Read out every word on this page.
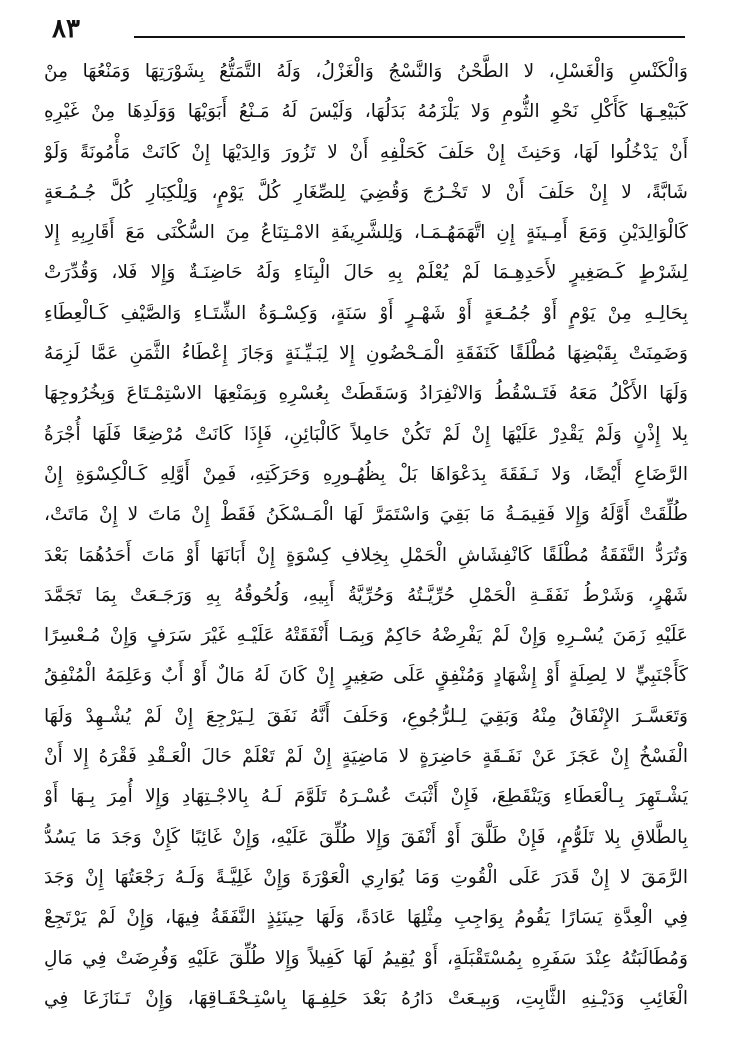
٨٣
وَالْكَنْسِ وَالْغَسْلِ، لا الطَّحْنُ وَالنَّسْجُ وَالْغَزْلُ، وَلَهُ التَّمَتُّعُ بِشَوْرَتِهَا وَمَنْعُهَا مِنْ
كَبَيْعِـهَا كَأَكْلِ نَحْوِ الثُّومِ وَلا يَلْزَمُهُ بَدَلُهَا، وَلَيْسَ لَهُ مَـنْعُ أَبَوَيْهَا وَوَلَدِهَا مِنْ غَيْرِهِ
أَنْ يَدْخُلُوا لَهَا، وَحَنِثَ إِنْ حَلَفَ كَحَلْفِهِ أَنْ لا تَزُورَ وَالِدَيْهَا إِنْ كَانَتْ مَأْمُونَةً وَلَوْ
شَابَّةً، لا إِنْ حَلَفَ أَنْ لا تَخْـرُجَ وَقُضِيَ لِلصِّغَارِ كُلَّ يَوْمٍ، وَلِلْكِبَارِ كُلَّ جُـمُـعَةٍ
كَالْوَالِدَيْنِ وَمَعَ أَمِـينَةٍ إِنِ اتَّهَمَهُـمَـا، وَلِلشَّرِيفَةِ الامْـتِنَاعُ مِنَ السُّكْنَى مَعَ أَقَارِبِهِ إِلا
لِشَرْطٍ كَـصَغِيرٍ لأَحَدِهِـمَا لَمْ يُعْلَمْ بِهِ حَالَ الْبِنَاءِ وَلَهُ حَاضِنَـةٌ وَإِلا فَلا، وَقُدِّرَتْ
بِحَالِـهِ مِنْ يَوْمٍ أَوْ جُمُـعَةٍ أَوْ شَهْـرٍ أَوْ سَنَةٍ، وَكِسْـوَةُ الشِّتَـاءِ وَالصَّيْفِ كَـالْعِطَاءِ
وَضَمِنَتْ بِقَبْضِهَا مُطْلَقًا كَنَفَقَةِ الْمَـحْضُونِ إِلا لِبَـيِّـنَةٍ وَجَازَ إِعْطَاءُ الثَّمَنِ عَمَّا لَزِمَهُ
وَلَهَا الأَكْلُ مَعَهُ فَتَـسْقُطُ وَالانْفِرَادُ وَسَقَطَتْ بِعُسْرِهِ وَبِمَنْعِهَا الاسْتِمْـتَاعَ وَبِخُرُوجِهَا
بِلا إِذْنٍ وَلَمْ يَقْدِرْ عَلَيْهَا إِنْ لَمْ تَكُنْ حَامِلاً كَالْبَائِنِ، فَإِذَا كَانَتْ مُرْضِعًا فَلَهَا أُجْرَةُ
الرَّضَاعِ أَيْضًا، وَلا نَـفَقَةَ بِدَعْوَاهَا بَلْ بِظُهُـورِهِ وَحَرَكَتِهِ، فَمِنْ أَوَّلِهِ كَـالْكِسْوَةِ إِنْ
طُلِّقَتْ أَوَّلَهُ وَإِلا فَقِيمَـةُ مَا بَقِيَ وَاسْتَمَرَّ لَهَا الْمَـسْكَنُ فَقَطْ إِنْ مَاتَ لا إِنْ مَاتَتْ،
وَتُرَدُّ النَّفَقَةُ مُطْلَقًا كَانْفِشَاشِ الْحَمْلِ بِخِلافِ كِسْوَةٍ إِنْ أَبَانَهَا أَوْ مَاتَ أَحَدُهُمَا بَعْدَ
شَهْرٍ، وَشَرْطُ نَفَقَـةِ الْحَمْلِ حُرِّيَّـتُهُ وَحُرِّيَّةُ أَبِيهِ، وَلُحُوقُهُ بِهِ وَرَجَـعَتْ بِمَا تَجَمَّدَ
عَلَيْهِ زَمَنَ يُسْـرِهِ وَإِنْ لَمْ يَفْرِضْهُ حَاكِمٌ وَبِمَـا أَنْفَقَتْهُ عَلَيْـهِ غَيْرَ سَرَفٍ وَإِنْ مُـعْسِرًا
كَأَجْنَبِيٍّ لا لِصِلَةٍ أَوْ إِشْهَادٍ وَمُنْفِقٍ عَلَى صَغِيرٍ إِنْ كَانَ لَهُ مَالٌ أَوْ أَبٌ وَعَلِمَهُ الْمُنْفِقُ
وَتَعَسَّـرَ الإِنْفَاقُ مِنْهُ وَبَقِيَ لِـلرُّجُوعِ، وَحَلَفَ أَنَّهُ نَفَقَ لِـيَرْجِعَ إِنْ لَمْ يُشْـهِدْ وَلَهَا
الْفَسْخُ إِنْ عَجَزَ عَنْ نَفَـقَةٍ حَاضِرَةٍ لا مَاضِيَةٍ إِنْ لَمْ تَعْلَمْ حَالَ الْعَـقْدِ فَقْرَهُ إِلا أَنْ
يَشْـتَهِرَ بِـالْعَطَاءِ وَيَنْقَطِعَ، فَإِنْ أَثْبَتَ عُسْـرَهُ تَلَوَّمَ لَـهُ بِالاجْـتِهَادِ وَإِلا أُمِرَ بِـهَا أَوْ
بِالطَّلاقِ بِلا تَلَوُّمٍ، فَإِنْ طَلَّقَ أَوْ أَنْفَقَ وَإِلا طُلِّقَ عَلَيْهِ، وَإِنْ غَائِبًا كَإِنْ وَجَدَ مَا يَسُدُّ
الرَّمَقَ لا إِنْ قَدَرَ عَلَى الْقُوتِ وَمَا يُوَارِي الْعَوْرَةَ وَإِنْ غَلِيَّـةً وَلَـهُ رَجْعَتُهَا إِنْ وَجَدَ
فِي الْعِدَّةِ يَسَارًا يَقُومُ بِوَاجِبِ مِثْلِهَا عَادَةً، وَلَهَا حِينَئِذٍ النَّفَقَةُ فِيهَا، وَإِنْ لَمْ يَرْتَجِعْ
وَمُطَالَبَتُهُ عِنْدَ سَفَرِهِ بِمُسْتَقْبَلَةٍ، أَوْ يُقِيمُ لَهَا كَفِيلاً وَإِلا طُلِّقَ عَلَيْهِ وَفُرِضَتْ فِي مَالِ
الْغَائِبِ وَدَيْـنِهِ الثَّابِتِ، وَبِيـعَتْ دَارُهُ بَعْدَ حَلِفِـهَا بِاسْتِـحْقَـاقِهَا، وَإِنْ تَـنَازَعَا فِي
